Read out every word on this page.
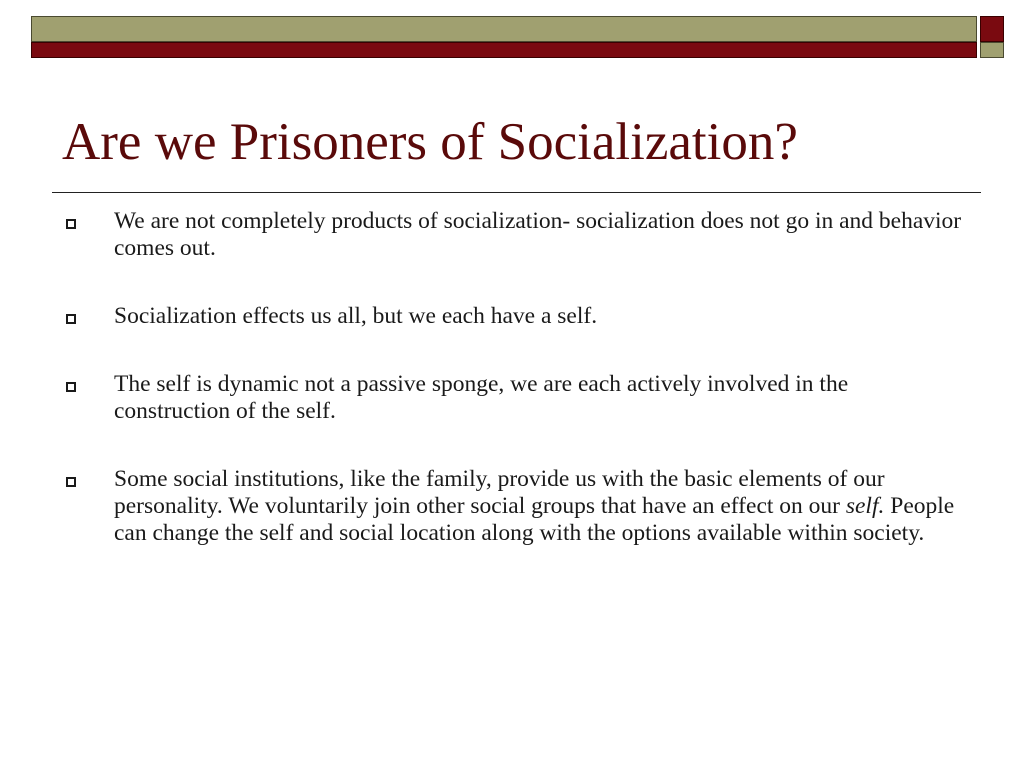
Are we Prisoners of Socialization?
We are not completely products of socialization- socialization does not go in and behavior comes out.
Socialization effects us all, but we each have a self.
The self is dynamic not a passive sponge, we are each actively involved in the construction of the self.
Some social institutions, like the family, provide us with the basic elements of our personality. We voluntarily join other social groups that have an effect on our self. People can change the self and social location along with the options available within society.
